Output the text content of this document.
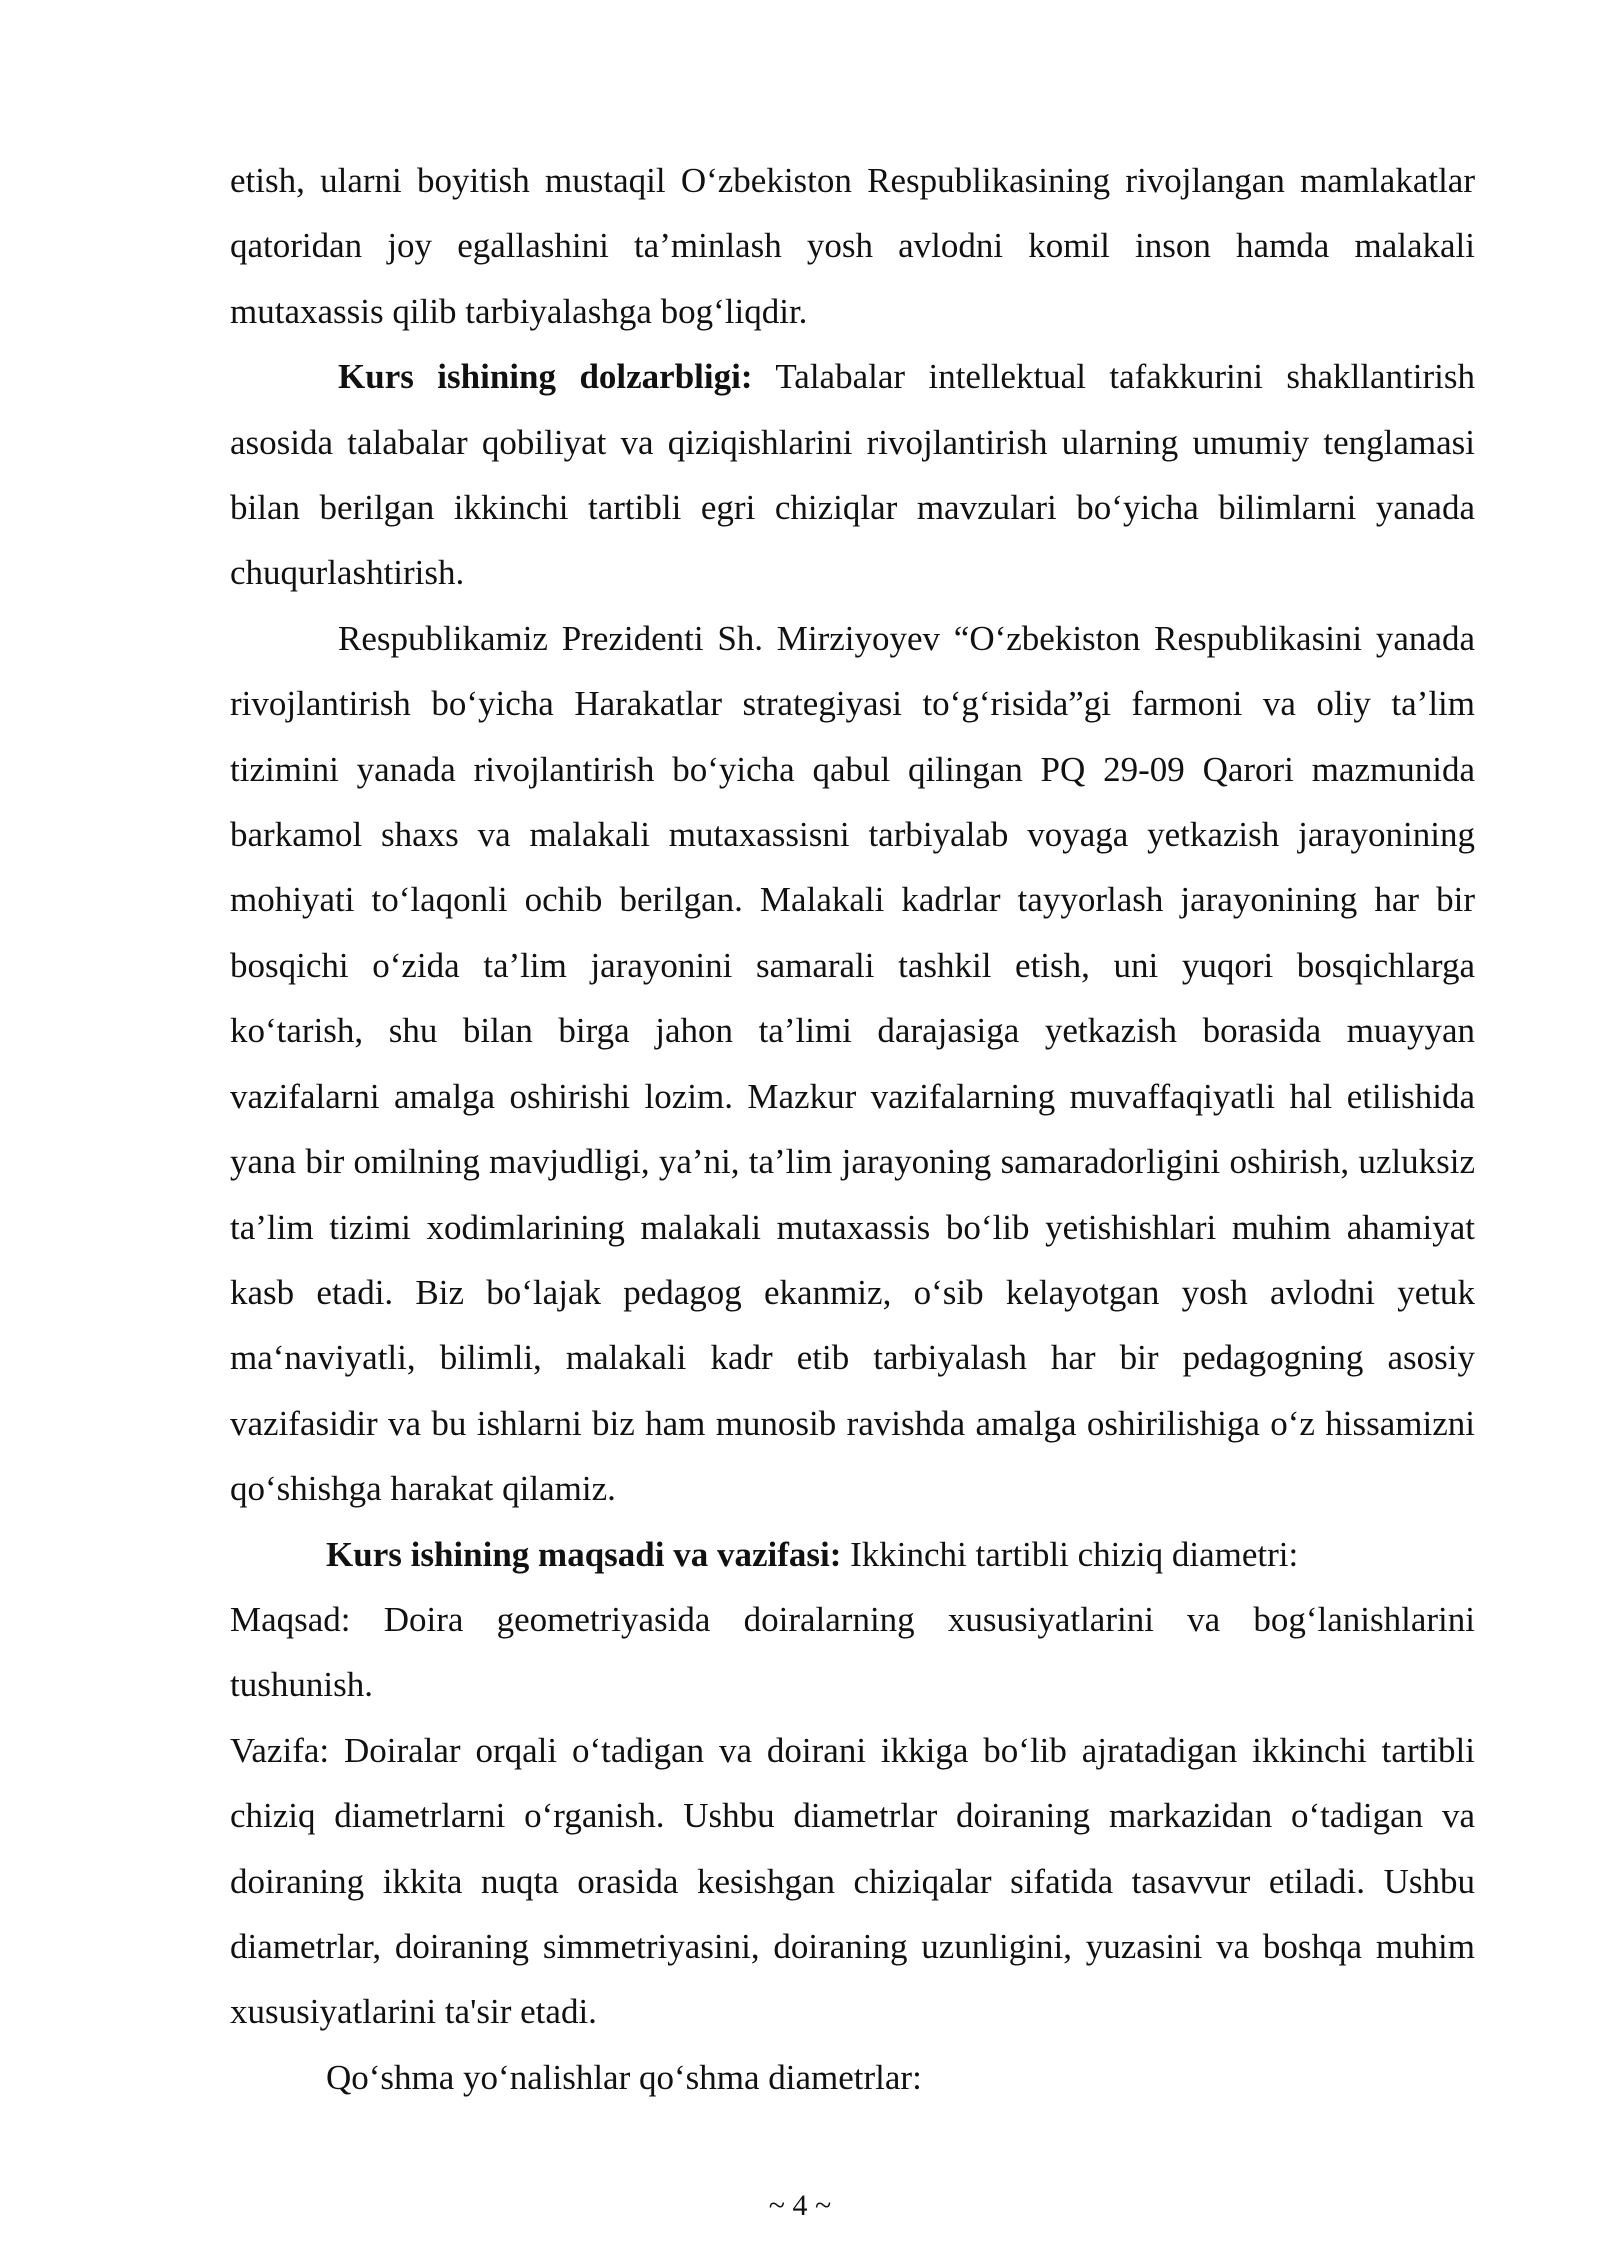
etish, ularni boyitish mustaqil O‘zbekiston Respublikasining rivojlangan mamlakatlar qatoridan joy egallashini ta’minlash yosh avlodni komil inson hamda malakali mutaxassis qilib tarbiyalashga bog‘liqdir.

Kurs ishining dolzarbligi: Talabalar intellektual tafakkurini shakllantirish asosida talabalar qobiliyat va qiziqishlarini rivojlantirish ularning umumiy tenglamasi bilan berilgan ikkinchi tartibli egri chiziqlar mavzulari bo‘yicha bilimlarni yanada chuqurlashtirish.

Respublikamiz Prezidenti Sh. Mirziyoyev “O‘zbekiston Respublikasini yanada rivojlantirish bo‘yicha Harakatlar strategiyasi to‘g‘risida”gi farmoni va oliy ta’lim tizimini yanada rivojlantirish bo‘yicha qabul qilingan PQ 29-09 Qarori mazmunida barkamol shaxs va malakali mutaxassisni tarbiyalab voyaga yetkazish jarayonining mohiyati to‘laqonli ochib berilgan. Malakali kadrlar tayyorlash jarayonining har bir bosqichi o‘zida ta’lim jarayonini samarali tashkil etish, uni yuqori bosqichlarga ko‘tarish, shu bilan birga jahon ta’limi darajasiga yetkazish borasida muayyan vazifalarni amalga oshirishi lozim. Mazkur vazifalarning muvaffaqiyatli hal etilishida yana bir omilning mavjudligi, ya’ni, ta’lim jarayoning samaradorligini oshirish, uzluksiz ta’lim tizimi xodimlarining malakali mutaxassis bo‘lib yetishishlari muhim ahamiyat kasb etadi. Biz bo‘lajak pedagog ekanmiz, o‘sib kelayotgan yosh avlodni yetuk ma‘naviyatli, bilimli, malakali kadr etib tarbiyalash har bir pedagogning asosiy vazifasidir va bu ishlarni biz ham munosib ravishda amalga oshirilishiga o‘z hissamizni qo‘shishga harakat qilamiz.

Kurs ishining maqsadi va vazifasi: Ikkinchi tartibli chiziq diametri:

Maqsad: Doira geometriyasida doiralarning xususiyatlarini va bog‘lanishlarini tushunish.

Vazifa: Doiralar orqali o‘tadigan va doirani ikkiga bo‘lib ajratadigan ikkinchi tartibli chiziq diametrlarni o‘rganish. Ushbu diametrlar doiraning markazidan o‘tadigan va doiraning ikkita nuqta orasida kesishgan chiziqalar sifatida tasavvur etiladi. Ushbu diametrlar, doiraning simmetriyasini, doiraning uzunligini, yuzasini va boshqa muhim xususiyatlarini ta'sir etadi.

Qo‘shma yo‘nalishlar qo‘shma diametrlar:

~ 4 ~
